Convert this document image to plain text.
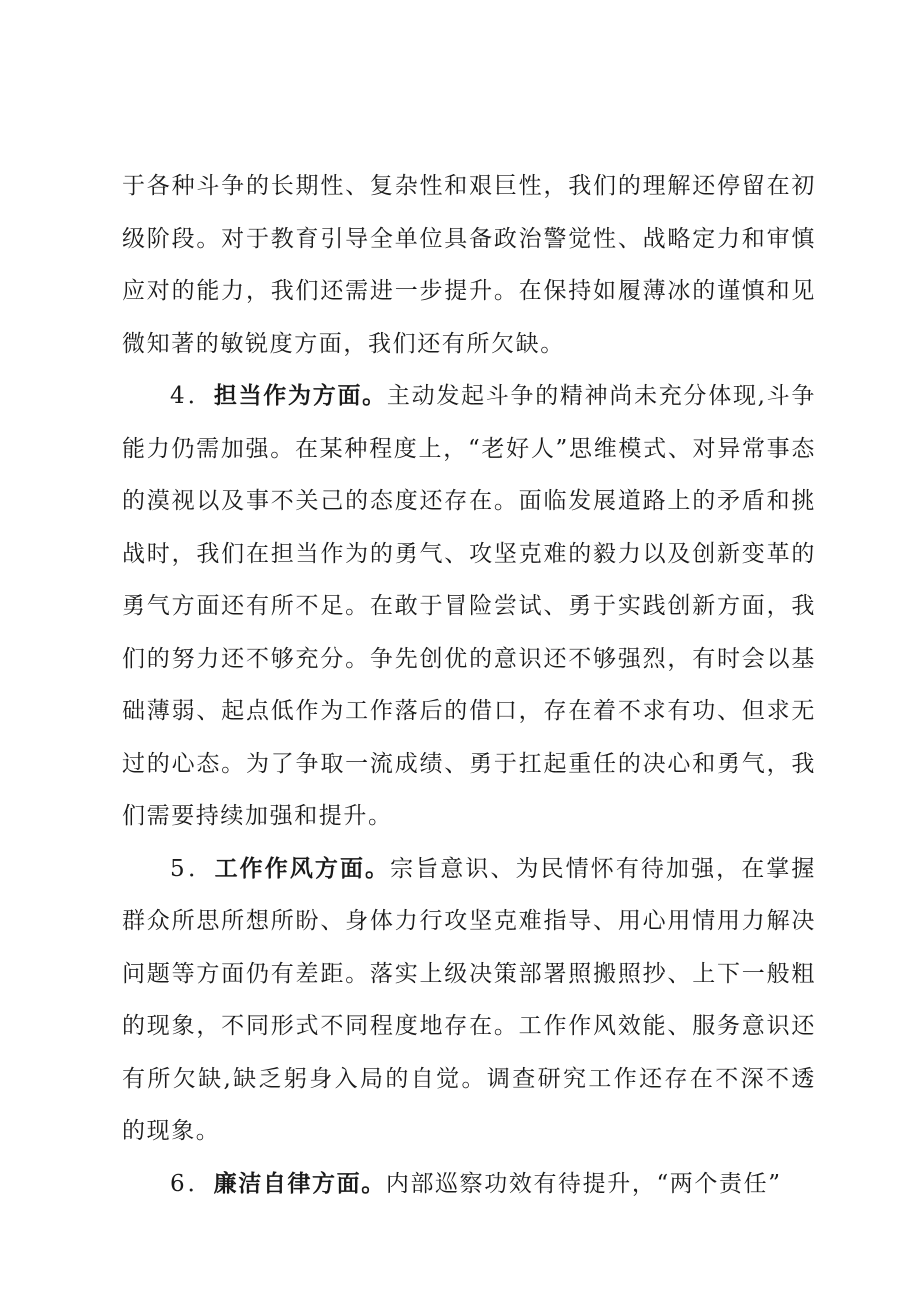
于各种斗争的长期性、复杂性和艰巨性，我们的理解还停留在初级阶段。对于教育引导全单位具备政治警觉性、战略定力和审慎应对的能力，我们还需进一步提升。在保持如履薄冰的谨慎和见微知著的敏锐度方面，我们还有所欠缺。

4．担当作为方面。主动发起斗争的精神尚未充分体现,斗争能力仍需加强。在某种程度上，“老好人”思维模式、对异常事态的漠视以及事不关己的态度还存在。面临发展道路上的矛盾和挑战时，我们在担当作为的勇气、攻坚克难的毅力以及创新变革的勇气方面还有所不足。在敢于冒险尝试、勇于实践创新方面，我们的努力还不够充分。争先创优的意识还不够强烈，有时会以基础薄弱、起点低作为工作落后的借口，存在着不求有功、但求无过的心态。为了争取一流成绩、勇于扛起重任的决心和勇气，我们需要持续加强和提升。

5．工作作风方面。宗旨意识、为民情怀有待加强，在掌握群众所思所想所盼、身体力行攻坚克难指导、用心用情用力解决问题等方面仍有差距。落实上级决策部署照搬照抄、上下一般粗的现象，不同形式不同程度地存在。工作作风效能、服务意识还有所欠缺,缺乏躬身入局的自觉。调查研究工作还存在不深不透的现象。

6．廉洁自律方面。内部巡察功效有待提升，“两个责任”
